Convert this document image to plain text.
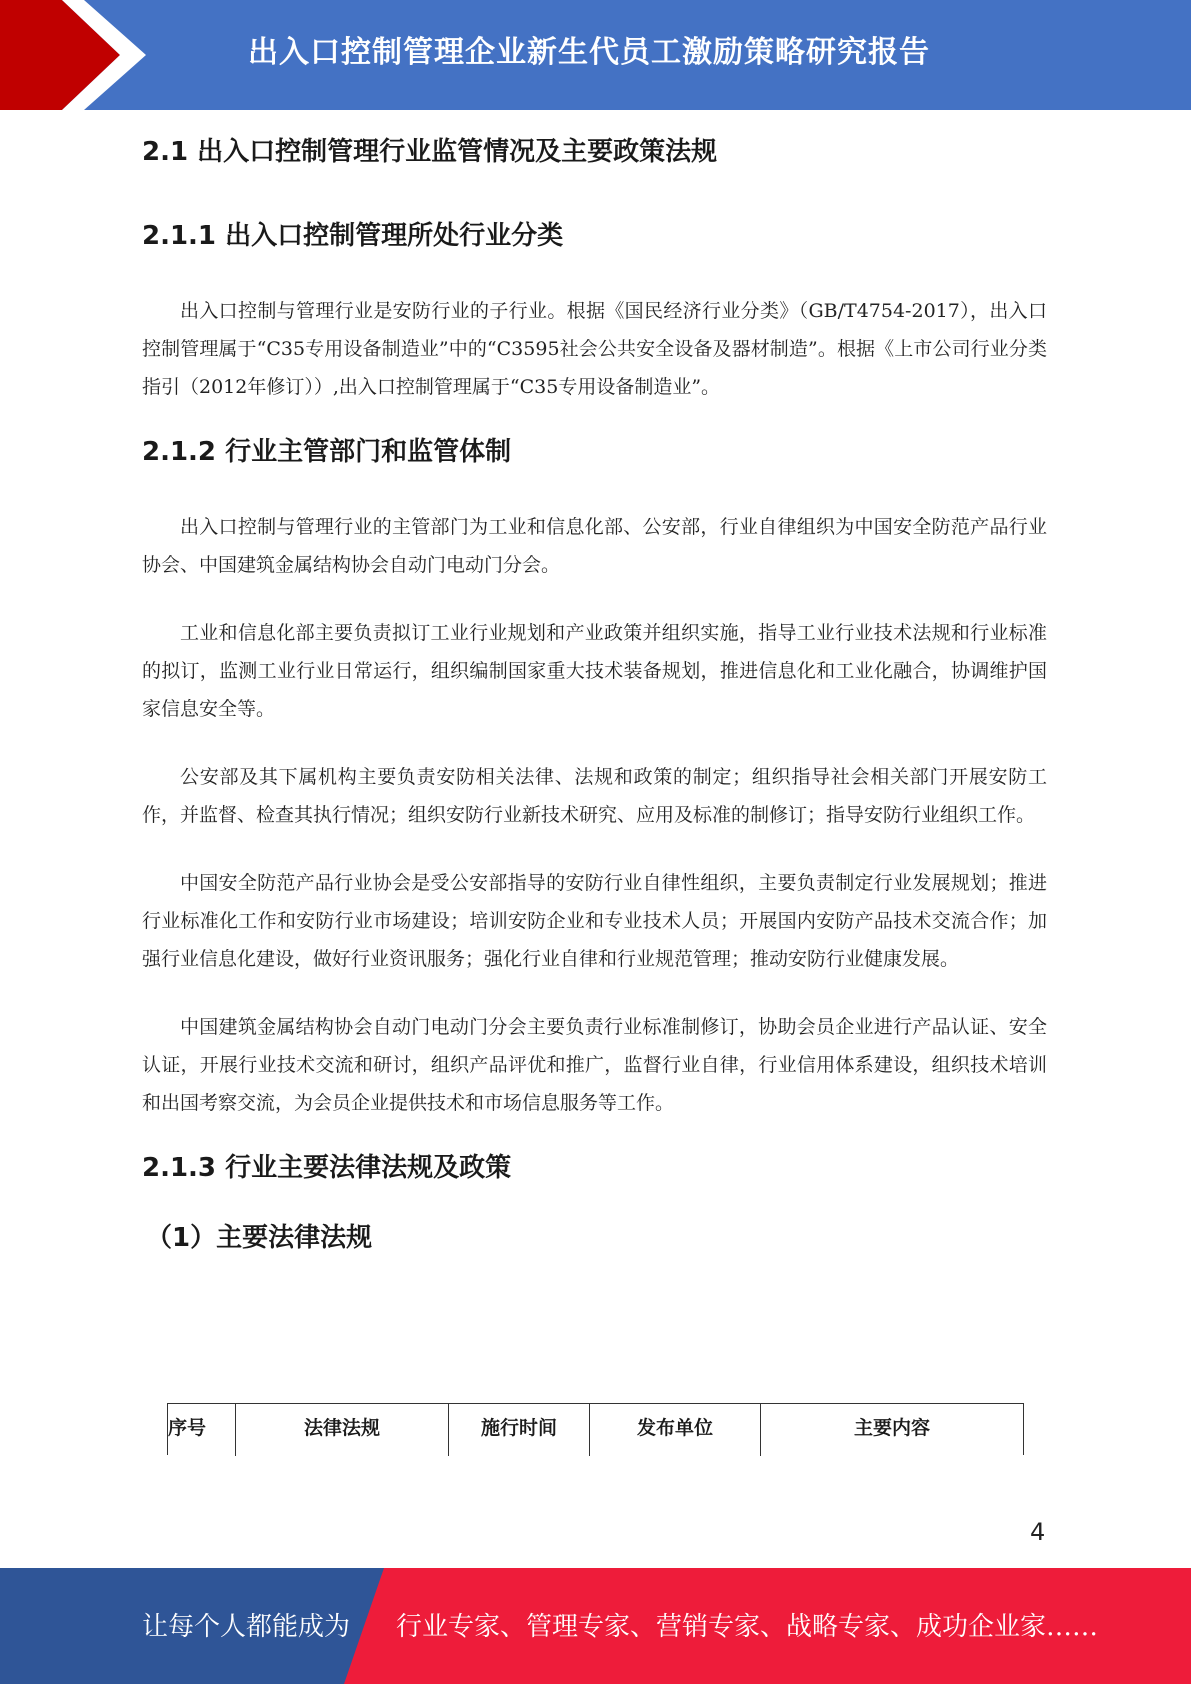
出入口控制管理企业新生代员工激励策略研究报告
2.1 出入口控制管理行业监管情况及主要政策法规
2.1.1 出入口控制管理所处行业分类
出入口控制与管理行业是安防行业的子行业。根据《国民经济行业分类》（GB/T4754-2017），出入口控制管理属于“C35专用设备制造业”中的“C3595社会公共安全设备及器材制造”。根据《上市公司行业分类指引（2012年修订））,出入口控制管理属于“C35专用设备制造业”。
2.1.2 行业主管部门和监管体制
出入口控制与管理行业的主管部门为工业和信息化部、公安部，行业自律组织为中国安全防范产品行业协会、中国建筑金属结构协会自动门电动门分会。
工业和信息化部主要负责拟订工业行业规划和产业政策并组织实施，指导工业行业技术法规和行业标准的拟订，监测工业行业日常运行，组织编制国家重大技术装备规划，推进信息化和工业化融合，协调维护国家信息安全等。
公安部及其下属机构主要负责安防相关法律、法规和政策的制定；组织指导社会相关部门开展安防工作，并监督、检查其执行情况；组织安防行业新技术研究、应用及标准的制修订；指导安防行业组织工作。
中国安全防范产品行业协会是受公安部指导的安防行业自律性组织，主要负责制定行业发展规划；推进行业标准化工作和安防行业市场建设；培训安防企业和专业技术人员；开展国内安防产品技术交流合作；加强行业信息化建设，做好行业资讯服务；强化行业自律和行业规范管理；推动安防行业健康发展。
中国建筑金属结构协会自动门电动门分会主要负责行业标准制修订，协助会员企业进行产品认证、安全认证，开展行业技术交流和研讨，组织产品评优和推广，监督行业自律，行业信用体系建设，组织技术培训和出国考察交流，为会员企业提供技术和市场信息服务等工作。
2.1.3 行业主要法律法规及政策
（1）主要法律法规
序号	法律法规	施行时间	发布单位	主要内容
4
让每个人都能成为 行业专家、管理专家、营销专家、战略专家、成功企业家……
